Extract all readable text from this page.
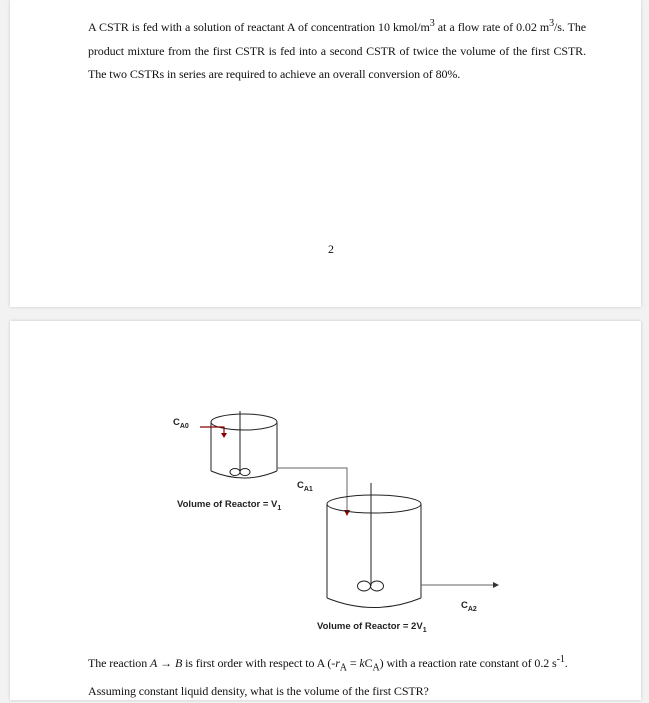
A CSTR is fed with a solution of reactant A of concentration 10 kmol/$m^3$ at a flow rate of 0.02 $m^3/s$. The product mixture from the first CSTR is fed into a second CSTR of twice the volume of the first CSTR. The two CSTRs in series are required to achieve an overall conversion of 80%.
2
$C_{A0}$
$C_{A1}$
Volume of Reactor = $V_1$
$C_{A2}$
Volume of Reactor = $2V_1$
The reaction A → B is first order with respect to A $(-r_A = kC_A)$ with a reaction rate constant of 0.2 $s^{-1}$. Assuming constant liquid density, what is the volume of the first CSTR?
